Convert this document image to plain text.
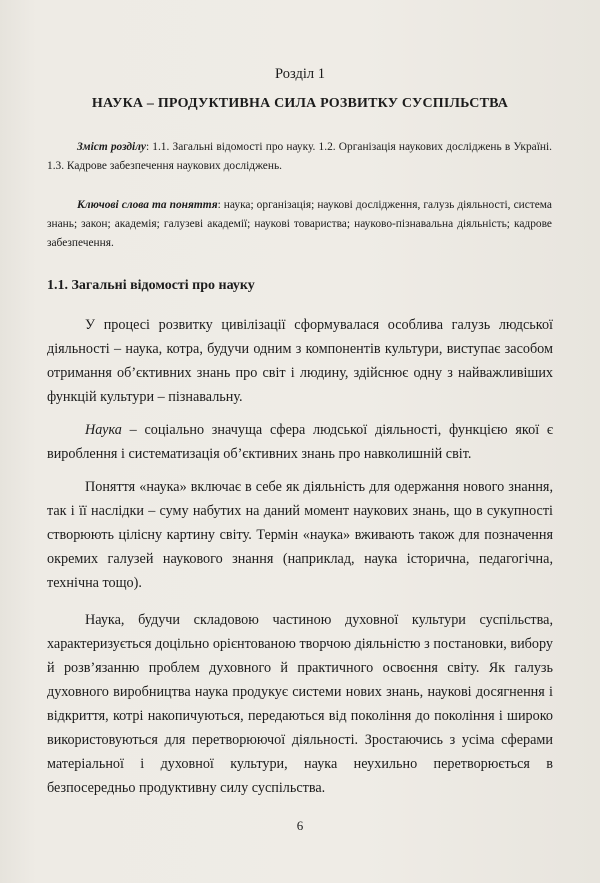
Розділ 1
НАУКА – ПРОДУКТИВНА СИЛА РОЗВИТКУ СУСПІЛЬСТВА
Зміст розділу: 1.1. Загальні відомості про науку. 1.2. Організація наукових досліджень в Україні. 1.3. Кадрове забезпечення наукових досліджень.
Ключові слова та поняття: наука; організація; наукові дослідження, галузь діяльності, система знань; закон; академія; галузеві академії; наукові товариства; науково-пізнавальна діяльність; кадрове забезпечення.
1.1. Загальні відомості про науку

У процесі розвитку цивілізації сформувалася особлива галузь людської діяльності – наука, котра, будучи одним з компонентів культури, виступає засобом отримання об’єктивних знань про світ і людину, здійснює одну з найважливіших функцій культури – пізнавальну.

Наука – соціально значуща сфера людської діяльності, функцією якої є вироблення і систематизація об’єктивних знань про навколишній світ.

Поняття «наука» включає в себе як діяльність для одержання нового знання, так і її наслідки – суму набутих на даний момент наукових знань, що в сукупності створюють цілісну картину світу. Термін «наука» вживають також для позначення окремих галузей наукового знання (наприклад, наука історична, педагогічна, технічна тощо).

Наука, будучи складовою частиною духовної культури суспільства, характеризується доцільно орієнтованою творчою діяльністю з постановки, вибору й розв’язанню проблем духовного й практичного освоєння світу. Як галузь духовного виробництва наука продукує системи нових знань, наукові досягнення і відкриття, котрі накопичуються, передаються від покоління до покоління і широко використовуються для перетворюючої діяльності. Зростаючись з усіма сферами матеріальної і духовної культури, наука неухильно перетворюється в безпосередньо продуктивну силу суспільства.

6
